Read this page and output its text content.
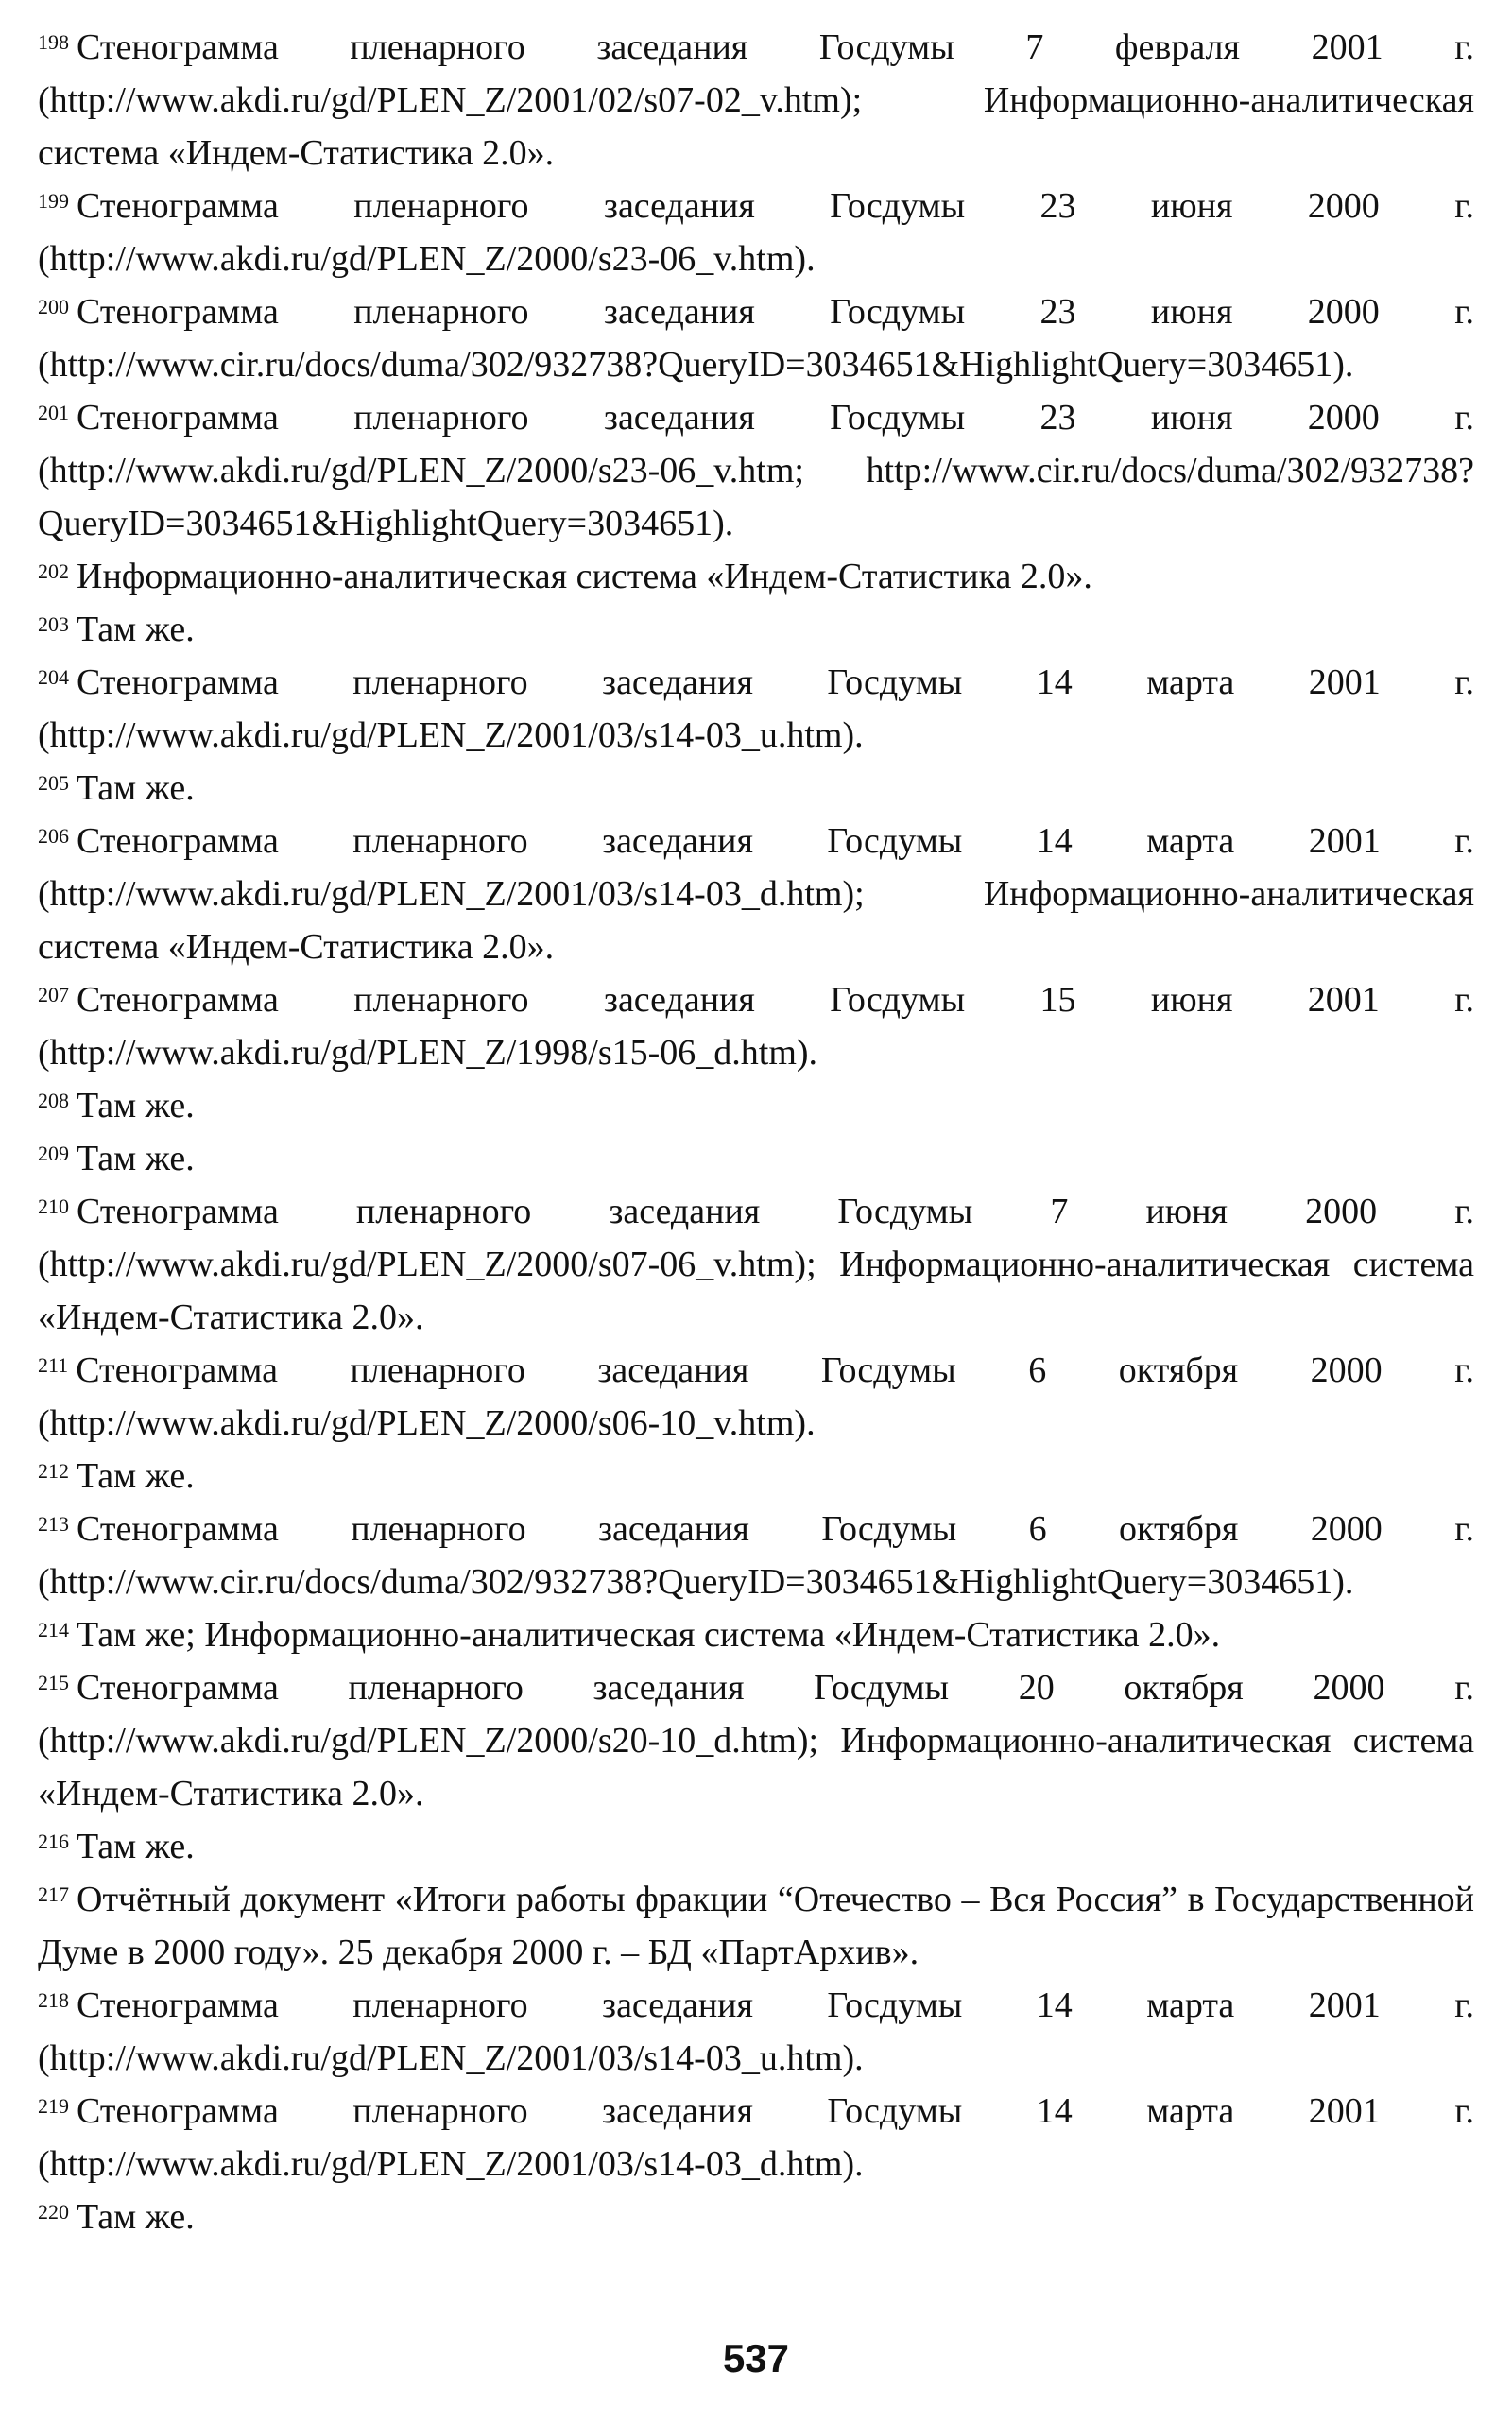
$^{198}$ Стенограмма пленарного заседания Госдумы 7 февраля 2001 г. (http://www.akdi.ru/gd/PLEN_Z/2001/02/s07-02_v.htm); Информационно-аналитическая система «Индем-Статистика 2.0».

$^{199}$ Стенограмма пленарного заседания Госдумы 23 июня 2000 г. (http://www.akdi.ru/gd/PLEN_Z/2000/s23-06_v.htm).

$^{200}$ Стенограмма пленарного заседания Госдумы 23 июня 2000 г. (http://www.cir.ru/docs/duma/302/932738?QueryID=3034651&HighlightQuery=3034651).

$^{201}$ Стенограмма пленарного заседания Госдумы 23 июня 2000 г. (http://www.akdi.ru/gd/PLEN_Z/2000/s23-06_v.htm; http://www.cir.ru/docs/duma/302/932738?QueryID=3034651&HighlightQuery=3034651).

$^{202}$ Информационно-аналитическая система «Индем-Статистика 2.0».

$^{203}$ Там же.

$^{204}$ Стенограмма пленарного заседания Госдумы 14 марта 2001 г. (http://www.akdi.ru/gd/PLEN_Z/2001/03/s14-03_u.htm).

$^{205}$ Там же.

$^{206}$ Стенограмма пленарного заседания Госдумы 14 марта 2001 г. (http://www.akdi.ru/gd/PLEN_Z/2001/03/s14-03_d.htm); Информационно-аналитическая система «Индем-Статистика 2.0».

$^{207}$ Стенограмма пленарного заседания Госдумы 15 июня 2001 г. (http://www.akdi.ru/gd/PLEN_Z/1998/s15-06_d.htm).

$^{208}$ Там же.

$^{209}$ Там же.

$^{210}$ Стенограмма пленарного заседания Госдумы 7 июня 2000 г. (http://www.akdi.ru/gd/PLEN_Z/2000/s07-06_v.htm); Информационно-аналитическая система «Индем-Статистика 2.0».

$^{211}$ Стенограмма пленарного заседания Госдумы 6 октября 2000 г. (http://www.akdi.ru/gd/PLEN_Z/2000/s06-10_v.htm).

$^{212}$ Там же.

$^{213}$ Стенограмма пленарного заседания Госдумы 6 октября 2000 г. (http://www.cir.ru/docs/duma/302/932738?QueryID=3034651&HighlightQuery=3034651).

$^{214}$ Там же; Информационно-аналитическая система «Индем-Статистика 2.0».

$^{215}$ Стенограмма пленарного заседания Госдумы 20 октября 2000 г. (http://www.akdi.ru/gd/PLEN_Z/2000/s20-10_d.htm); Информационно-аналитическая система «Индем-Статистика 2.0».

$^{216}$ Там же.

$^{217}$ Отчётный документ «Итоги работы фракции “Отечество – Вся Россия” в Государственной Думе в 2000 году». 25 декабря 2000 г. – БД «ПартАрхив».

$^{218}$ Стенограмма пленарного заседания Госдумы 14 марта 2001 г. (http://www.akdi.ru/gd/PLEN_Z/2001/03/s14-03_u.htm).

$^{219}$ Стенограмма пленарного заседания Госдумы 14 марта 2001 г. (http://www.akdi.ru/gd/PLEN_Z/2001/03/s14-03_d.htm).

$^{220}$ Там же.

537
